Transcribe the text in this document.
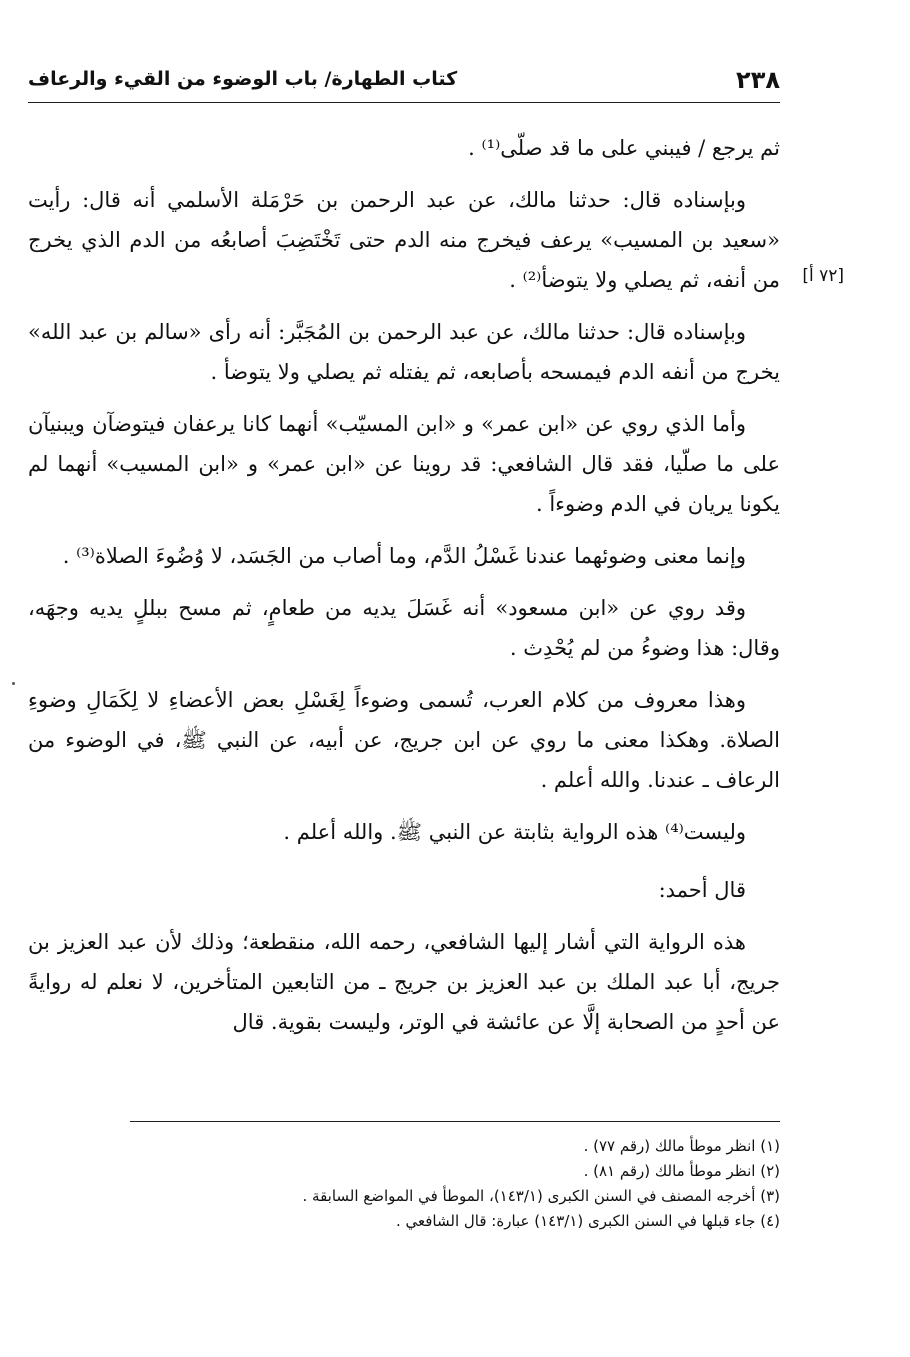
٢٣٨
كتاب الطهارة/ باب الوضوء من القيء والرعاف
[٧٢ أ]

ثم يرجع / فيبني على ما قد صلّى⁽¹⁾ .

وبإسناده قال: حدثنا مالك، عن عبد الرحمن بن حَرْمَلة الأسلمي أنه قال: رأيت «سعيد بن المسيب» يرعف فيخرج منه الدم حتى تَخْتَضِبَ أصابعُه من الدم الذي يخرج من أنفه، ثم يصلي ولا يتوضأ⁽²⁾ .

وبإسناده قال: حدثنا مالك، عن عبد الرحمن بن المُجَبَّر: أنه رأى «سالم بن عبد الله» يخرج من أنفه الدم فيمسحه بأصابعه، ثم يفتله ثم يصلي ولا يتوضأ .

وأما الذي روي عن «ابن عمر» و «ابن المسيّب» أنهما كانا يرعفان فيتوضآن ويبنيآن على ما صلّيا، فقد قال الشافعي: قد روينا عن «ابن عمر» و «ابن المسيب» أنهما لم يكونا يريان في الدم وضوءاً .

وإنما معنى وضوئهما عندنا غَسْلُ الدَّم، وما أصاب من الجَسَد، لا وُضُوءَ الصلاة⁽³⁾ .

وقد روي عن «ابن مسعود» أنه غَسَلَ يديه من طعامٍ، ثم مسح ببللٍ يديه وجهَه، وقال: هذا وضوءُ من لم يُحْدِث .

وهذا معروف من كلام العرب، تُسمى وضوءاً لِغَسْلِ بعض الأعضاءِ لا لِكَمَالِ وضوءِ الصلاة. وهكذا معنى ما روي عن ابن جريج، عن أبيه، عن النبي ﷺ، في الوضوء من الرعاف ـ عندنا. والله أعلم .

وليست⁽⁴⁾ هذه الرواية بثابتة عن النبي ﷺ. والله أعلم .

قال أحمد:

هذه الرواية التي أشار إليها الشافعي، رحمه الله، منقطعة؛ وذلك لأن عبد العزيز بن جريج، أبا عبد الملك بن عبد العزيز بن جريج ـ من التابعين المتأخرين، لا نعلم له روايةً عن أحدٍ من الصحابة إلَّا عن عائشة في الوتر، وليست بقوية. قال

(١) انظر موطأ مالك (رقم ٧٧) .

(٢) انظر موطأ مالك (رقم ٨١) .

(٣) أخرجه المصنف في السنن الكبرى (١٤٣/١)، الموطأ في المواضع السابقة .

(٤) جاء قبلها في السنن الكبرى (١٤٣/١) عبارة: قال الشافعي .
